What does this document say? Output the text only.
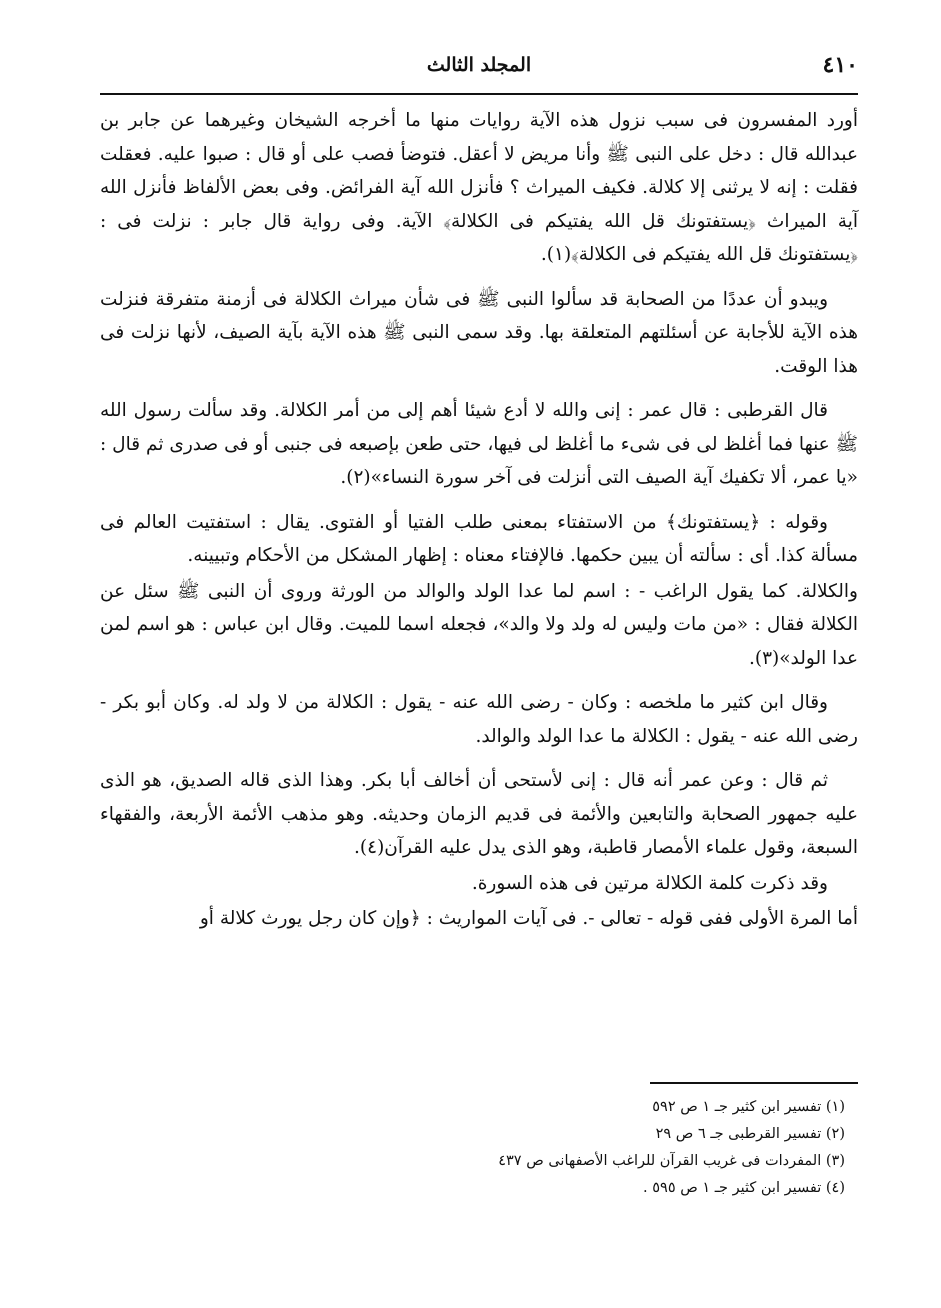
٤١٠
المجلد الثالث

أورد المفسرون فى سبب نزول هذه الآية روايات منها ما أخرجه الشيخان وغيرهما عن جابر بن عبدالله قال : دخل على النبى ﷺ وأنا مريض لا أعقل. فتوضأ فصب على أو قال : صبوا عليه. فعقلت فقلت : إنه لا يرثنى إلا كلالة. فكيف الميراث ؟ فأنزل الله آية الفرائض. وفى بعض الألفاظ فأنزل الله آية الميراث ﴿يستفتونك قل الله يفتيكم فى الكلالة﴾ الآية. وفى رواية قال جابر : نزلت فى : ﴿يستفتونك قل الله يفتيكم فى الكلالة﴾(١).

ويبدو أن عددًا من الصحابة قد سألوا النبى ﷺ فى شأن ميراث الكلالة فى أزمنة متفرقة فنزلت هذه الآية للأجابة عن أسئلتهم المتعلقة بها. وقد سمى النبى ﷺ هذه الآية بآية الصيف، لأنها نزلت فى هذا الوقت.

قال القرطبى : قال عمر : إنى والله لا أدع شيئا أهم إلى من أمر الكلالة. وقد سألت رسول الله ﷺ عنها فما أغلظ لى فى شىء ما أغلظ لى فيها، حتى طعن بإصبعه فى جنبى أو فى صدرى ثم قال : «يا عمر، ألا تكفيك آية الصيف التى أنزلت فى آخر سورة النساء»(٢).

وقوله : ﴿يستفتونك﴾ من الاستفتاء بمعنى طلب الفتيا أو الفتوى. يقال : استفتيت العالم فى مسألة كذا. أى : سألته أن يبين حكمها. فالإفتاء معناه : إظهار المشكل من الأحكام وتبيينه.

والكلالة. كما يقول الراغب - : اسم لما عدا الولد والوالد من الورثة وروى أن النبى ﷺ سئل عن الكلالة فقال : «من مات وليس له ولد ولا والد»، فجعله اسما للميت. وقال ابن عباس : هو اسم لمن عدا الولد»(٣).

وقال ابن كثير ما ملخصه : وكان - رضى الله عنه - يقول : الكلالة من لا ولد له. وكان أبو بكر - رضى الله عنه - يقول : الكلالة ما عدا الولد والوالد.

ثم قال : وعن عمر أنه قال : إنى لأستحى أن أخالف أبا بكر. وهذا الذى قاله الصديق، هو الذى عليه جمهور الصحابة والتابعين والأئمة فى قديم الزمان وحديثه. وهو مذهب الأئمة الأربعة، والفقهاء السبعة، وقول علماء الأمصار قاطبة، وهو الذى يدل عليه القرآن(٤).

وقد ذكرت كلمة الكلالة مرتين فى هذه السورة.

أما المرة الأولى ففى قوله - تعالى -. فى آيات المواريث : ﴿وإن كان رجل يورث كلالة أو

(١) تفسير ابن كثير جـ ١ ص ٥٩٢

(٢) تفسير القرطبى جـ ٦ ص ٢٩

(٣) المفردات فى غريب القرآن للراغب الأصفهانى ص ٤٣٧

(٤) تفسير ابن كثير جـ ١ ص ٥٩٥ .
